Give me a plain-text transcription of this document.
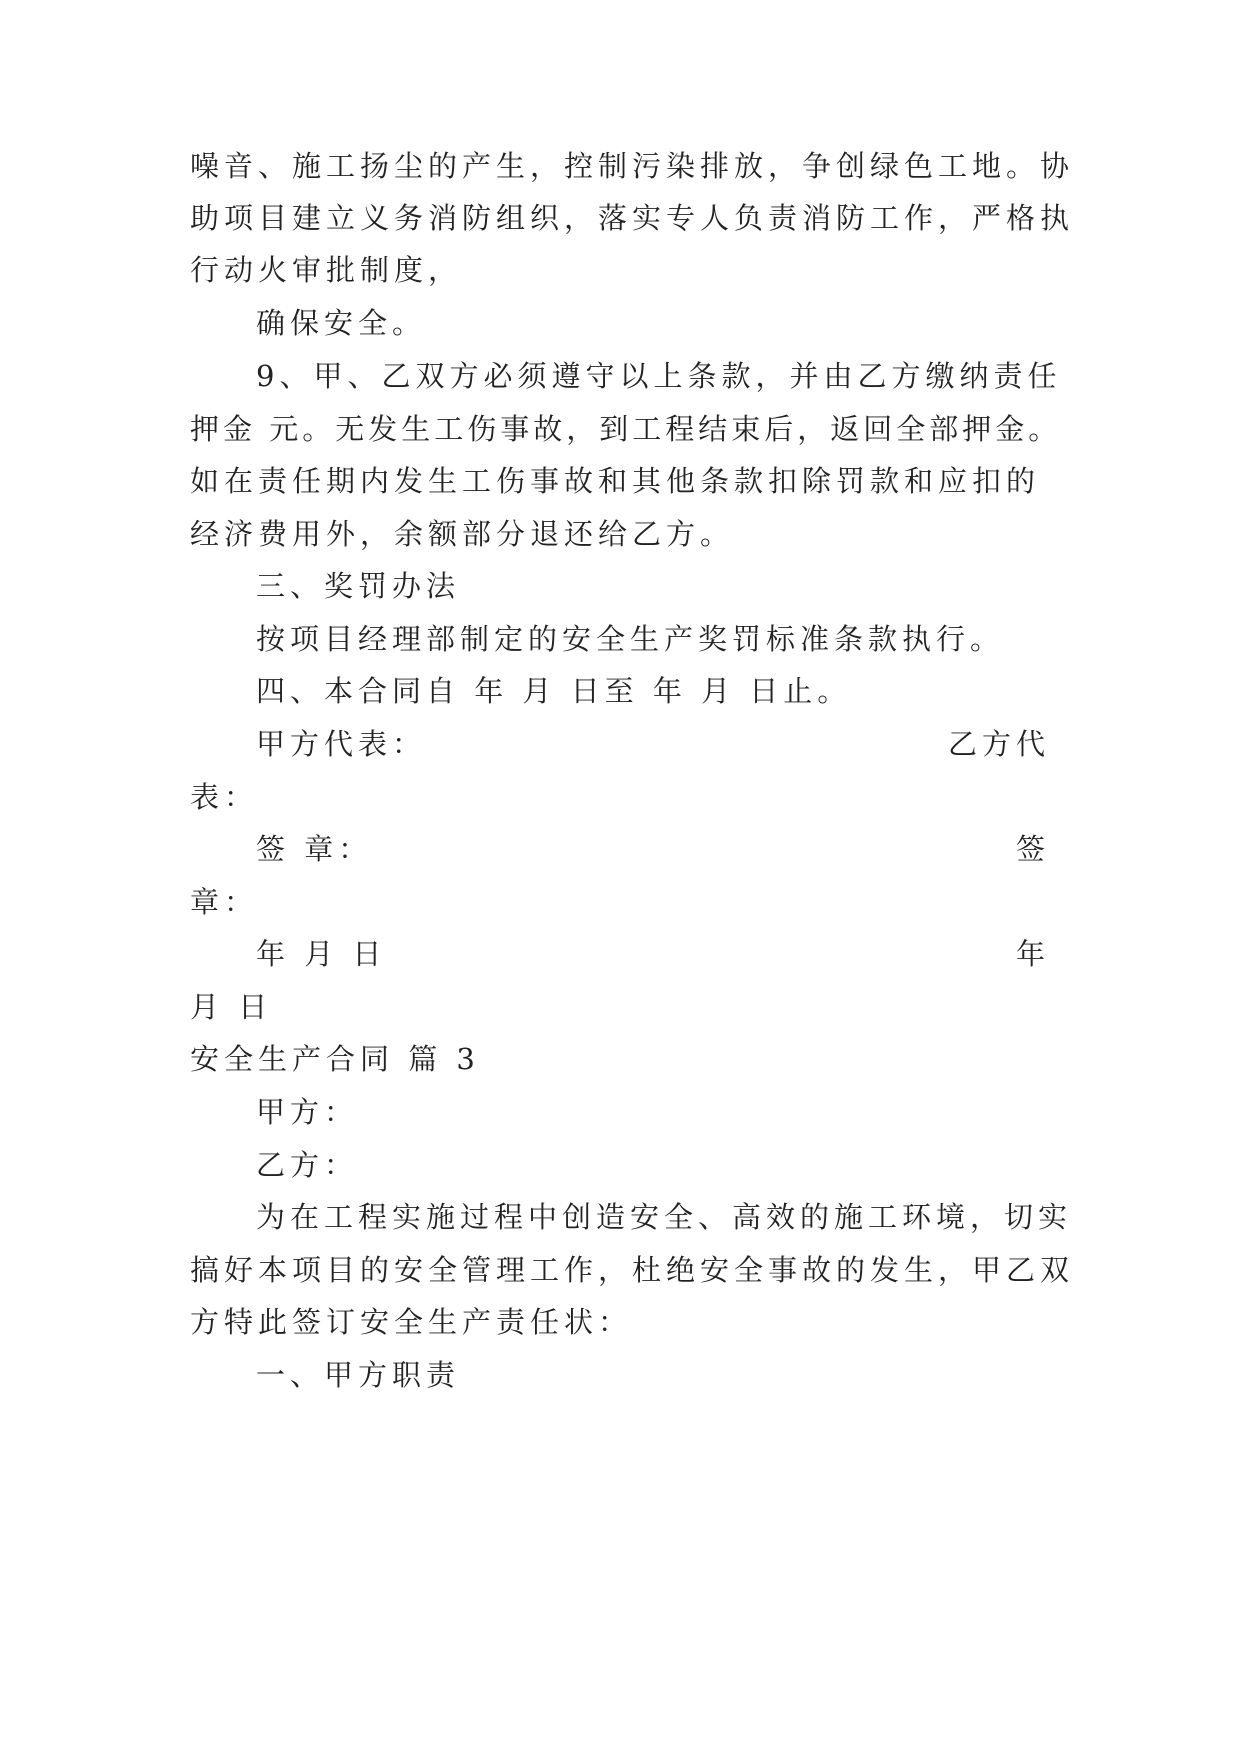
噪音、施工扬尘的产生，控制污染排放，争创绿色工地。协
助项目建立义务消防组织，落实专人负责消防工作，严格执
行动火审批制度，
确保安全。
9、甲、乙双方必须遵守以上条款，并由乙方缴纳责任
押金 元。无发生工伤事故，到工程结束后，返回全部押金。
如在责任期内发生工伤事故和其他条款扣除罚款和应扣的
经济费用外，余额部分退还给乙方。
三、奖罚办法
按项目经理部制定的安全生产奖罚标准条款执行。
四、本合同自 年 月 日至 年 月 日止。
甲方代表：	乙方代
表：
签 章：	签
章：
年 月 日	年
月 日
安全生产合同 篇 3
甲方：
乙方：
为在工程实施过程中创造安全、高效的施工环境，切实
搞好本项目的安全管理工作，杜绝安全事故的发生，甲乙双
方特此签订安全生产责任状：
一、甲方职责
